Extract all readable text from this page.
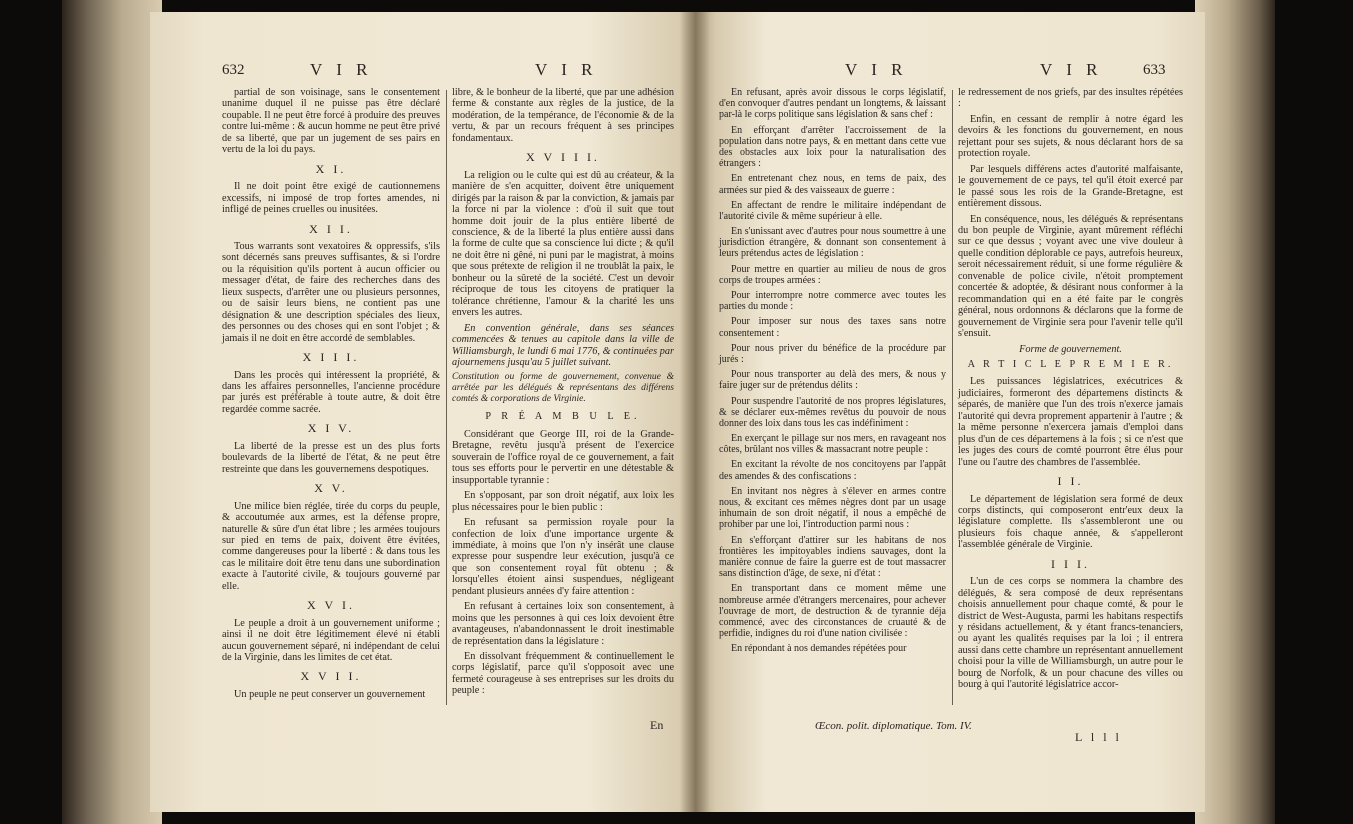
632	V I R	V I R

partial de son voisinage, sans le consentement unanime duquel il ne puisse pas être déclaré coupable. Il ne peut être forcé à produire des preuves contre lui-même : & aucun homme ne peut être privé de sa liberté, que par un jugement de ses pairs en vertu de la loi du pays.

X I.

Il ne doit point être exigé de cautionnemens excessifs, ni imposé de trop fortes amendes, ni infligé de peines cruelles ou inusitées.

X I I.

Tous warrants sont vexatoires & oppressifs, s'ils sont décernés sans preuves suffisantes, & si l'ordre ou la réquisition qu'ils portent à aucun officier ou messager d'état, de faire des recherches dans des lieux suspects, d'arrêter une ou plusieurs personnes, ou de saisir leurs biens, ne contient pas une désignation & une description spéciales des lieux, des personnes ou des choses qui en sont l'objet ; & jamais il ne doit en être accordé de semblables.

X I I I.

Dans les procès qui intéressent la propriété, & dans les affaires personnelles, l'ancienne procédure par jurés est préférable à toute autre, & doit être regardée comme sacrée.

X I V.

La liberté de la presse est un des plus forts boulevards de la liberté de l'état, & ne peut être restreinte que dans les gouvernemens despotiques.

X V.

Une milice bien réglée, tirée du corps du peuple, & accoutumée aux armes, est la défense propre, naturelle & sûre d'un état libre ; les armées toujours sur pied en tems de paix, doivent être évitées, comme dangereuses pour la liberté : & dans tous les cas le militaire doit être tenu dans une subordination exacte à l'autorité civile, & toujours gouverné par elle.

X V I.

Le peuple a droit à un gouvernement uniforme ; ainsi il ne doit être légitimement élevé ni établi aucun gouvernement séparé, ni indépendant de celui de la Virginie, dans les limites de cet état.

X V I I.

Un peuple ne peut conserver un gouvernement

libre, & le bonheur de la liberté, que par une adhésion ferme & constante aux règles de la justice, de la modération, de la tempérance, de l'économie & de la vertu, & par un recours fréquent à ses principes fondamentaux.

X V I I I.

La religion ou le culte qui est dû au créateur, & la manière de s'en acquitter, doivent être uniquement dirigés par la raison & par la conviction, & jamais par la force ni par la violence : d'où il suit que tout homme doit jouir de la plus entière liberté de conscience, & de la liberté la plus entière aussi dans la forme de culte que sa conscience lui dicte ; & qu'il ne doit être ni gêné, ni puni par le magistrat, à moins que sous prétexte de religion il ne troublât la paix, le bonheur ou la sûreté de la société. C'est un devoir réciproque de tous les citoyens de pratiquer la tolérance chrétienne, l'amour & la charité les uns envers les autres.

En convention générale, dans ses séances commencées & tenues au capitole dans la ville de Williamsburgh, le lundi 6 mai 1776, & continuées par ajournemens jusqu'au 5 juillet suivant.

Constitution ou forme de gouvernement, convenue & arrêtée par les délégués & représentans des différens comtés & corporations de Virginie.

P R É A M B U L E.

Considérant que George III, roi de la Grande-Bretagne, revêtu jusqu'à présent de l'exercice souverain de l'office royal de ce gouvernement, a fait tous ses efforts pour le pervertir en une détestable & insupportable tyrannie :

En s'opposant, par son droit négatif, aux loix les plus nécessaires pour le bien public :

En refusant sa permission royale pour la confection de loix d'une importance urgente & immédiate, à moins que l'on n'y insérât une clause expresse pour suspendre leur exécution, jusqu'à ce que son consentement royal fût obtenu ; & lorsqu'elles étoient ainsi suspendues, négligeant pendant plusieurs années d'y faire attention :

En refusant à certaines loix son consentement, à moins que les personnes à qui ces loix devoient être avantageuses, n'abandonnassent le droit inestimable de représentation dans la législature :

En dissolvant fréquemment & continuellement le corps législatif, parce qu'il s'opposoit avec une fermeté courageuse à ses entreprises sur les droits du peuple :

En
V I R	V I R	633

En refusant, après avoir dissous le corps législatif, d'en convoquer d'autres pendant un longtems, & laissant par-là le corps politique sans législation & sans chef :

En efforçant d'arrêter l'accroissement de la population dans notre pays, & en mettant dans cette vue des obstacles aux loix pour la naturalisation des étrangers :

En entretenant chez nous, en tems de paix, des armées sur pied & des vaisseaux de guerre :

En affectant de rendre le militaire indépendant de l'autorité civile & même supérieur à elle.

En s'unissant avec d'autres pour nous soumettre à une jurisdiction étrangère, & donnant son consentement à leurs prétendus actes de législation :

Pour mettre en quartier au milieu de nous de gros corps de troupes armées :

Pour interrompre notre commerce avec toutes les parties du monde :

Pour imposer sur nous des taxes sans notre consentement :

Pour nous priver du bénéfice de la procédure par jurés :

Pour nous transporter au delà des mers, & nous y faire juger sur de prétendus délits :

Pour suspendre l'autorité de nos propres législatures, & se déclarer eux-mêmes revêtus du pouvoir de nous donner des loix dans tous les cas indéfiniment :

En exerçant le pillage sur nos mers, en ravageant nos côtes, brûlant nos villes & massacrant notre peuple :

En excitant la révolte de nos concitoyens par l'appât des amendes & des confiscations :

En invitant nos nègres à s'élever en armes contre nous, & excitant ces mêmes nègres dont par un usage inhumain de son droit négatif, il nous a empêché de prohiber par une loi, l'introduction parmi nous :

En s'efforçant d'attirer sur les habitans de nos frontières les impitoyables indiens sauvages, dont la manière connue de faire la guerre est de tout massacrer sans distinction d'âge, de sexe, ni d'état :

En transportant dans ce moment même une nombreuse armée d'étrangers mercenaires, pour achever l'ouvrage de mort, de destruction & de tyrannie déja commencé, avec des circonstances de cruauté & de perfidie, indignes du roi d'une nation civilisée :

En répondant à nos demandes répétées pour

le redressement de nos griefs, par des insultes répétées :

Enfin, en cessant de remplir à notre égard les devoirs & les fonctions du gouvernement, en nous rejettant pour ses sujets, & nous déclarant hors de sa protection royale.

Par lesquels différens actes d'autorité malfaisante, le gouvernement de ce pays, tel qu'il étoit exercé par le passé sous les rois de la Grande-Bretagne, est entièrement dissous.

En conséquence, nous, les délégués & représentans du bon peuple de Virginie, ayant mûrement réfléchi sur ce que dessus ; voyant avec une vive douleur à quelle condition déplorable ce pays, autrefois heureux, seroit nécessairement réduit, si une forme régulière & convenable de police civile, n'étoit promptement concertée & adoptée, & désirant nous conformer à la recommandation qui en a été faite par le congrès général, nous ordonnons & déclarons que la forme de gouvernement de Virginie sera pour l'avenir telle qu'il s'ensuit.

Forme de gouvernement.

A R T I C L E P R E M I E R.

Les puissances législatrices, exécutrices & judiciaires, formeront des départemens distincts & séparés, de manière que l'un des trois n'exerce jamais l'autorité qui devra proprement appartenir à l'autre ; & la même personne n'exercera jamais d'emploi dans plus d'un de ces départemens à la fois ; si ce n'est que les juges des cours de comté pourront être élus pour l'une ou l'autre des chambres de l'assemblée.

I I.

Le département de législation sera formé de deux corps distincts, qui composeront entr'eux deux la législature complette. Ils s'assembleront une ou plusieurs fois chaque année, & s'appelleront l'assemblée générale de Virginie.

I I I.

L'un de ces corps se nommera la chambre des délégués, & sera composé de deux représentans choisis annuellement pour chaque comté, & pour le district de West-Augusta, parmi les habitans respectifs y résidans actuellement, & y étant francs-tenanciers, ou ayant les qualités requises par la loi ; il entrera aussi dans cette chambre un représentant annuellement choisi pour la ville de Williamsburgh, un autre pour le bourg de Norfolk, & un pour chacune des villes ou bourg à qui l'autorité législatrice accor-

Œcon. polit. diplomatique. Tom. IV.
L l l l
